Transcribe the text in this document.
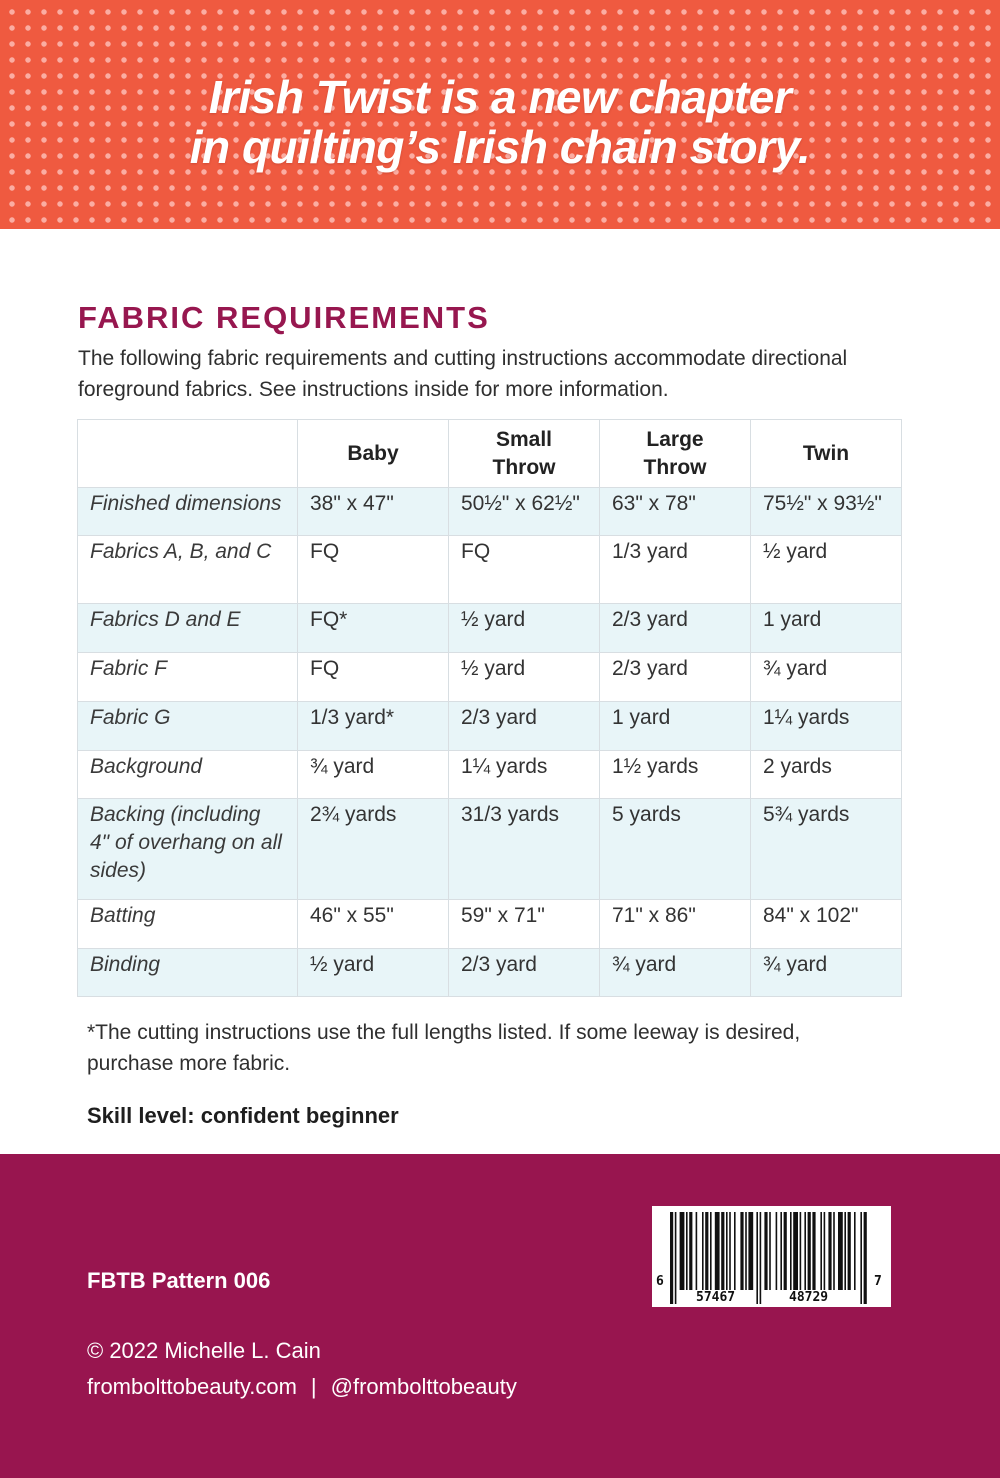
Irish Twist is a new chapter
in quilting’s Irish chain story.
FABRIC REQUIREMENTS
The following fabric requirements and cutting instructions accommodate directional foreground fabrics. See instructions inside for more information.
	Baby	Small Throw	Large Throw	Twin
Finished dimensions	38" x 47"	50½" x 62½"	63" x 78"	75½" x 93½"
Fabrics A, B, and C	FQ	FQ	1/3 yard	½ yard
Fabrics D and E	FQ*	½ yard	2/3 yard	1 yard
Fabric F	FQ	½ yard	2/3 yard	¾ yard
Fabric G	1/3 yard*	2/3 yard	1 yard	1¼ yards
Background	¾ yard	1¼ yards	1½ yards	2 yards
Backing (including 4" of overhang on all sides)	2¾ yards	31/3 yards	5 yards	5¾ yards
Batting	46" x 55"	59" x 71"	71" x 86"	84" x 102"
Binding	½ yard	2/3 yard	¾ yard	¾ yard
*The cutting instructions use the full lengths listed. If some leeway is desired, purchase more fabric.
Skill level: confident beginner
FBTB Pattern 006
© 2022 Michelle L. Cain
frombolttobeauty.com | @frombolttobeauty
6
57467	48729
7
